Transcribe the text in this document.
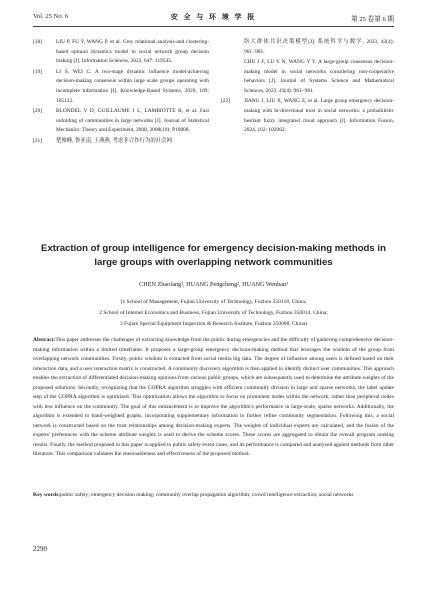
Vol. 25 No. 6	安 全 与 环 境 学 报	第 25 卷第 6 期
[18]	LIU P, FU Y, WANG P, et al. Grey relational analysis-and clustering-based opinion dynamics model in social network group decision making [J]. Information Sciences, 2023, 647: 119545.
[19]	LI S, WEI C. A two-stage dynamic influence model-achieving decision-making consensus within large scale groups operating with incomplete information [J]. Knowledge-Based Systems, 2020, 189: 105132.
[20]	BLONDEL V D, GUILLAUME J L, LAMBIOTTE R, et al. Fast unfolding of communities in large networks [J]. Journal of Statistical Mechanics: Theory and Experiment, 2008, 2008(10): P10008.
[21]	楚俊峰, 鲁亚南, 王燕燕. 考虑非合作行为的社会网
络大群体共识决策模型[J]. 系统科学与数学, 2023, 43(4): 961−981.
CHU J F, LU Y N, WANG Y Y. A large-group consensus decision-making model in social networks considering non-cooperative behaviors [J]. Journal of Systems Science and Mathematical Sciences, 2023, 43(4): 961−981.
[22]	JIANG J, LIU X, WANG Z, et al. Large group emergency decision-making with bi-directional trust in social networks: a probabilistic hesitant fuzzy integrated cloud approach [J]. Information Fusion, 2024, 102: 102062.
Extraction of group intelligence for emergency decision-making methods in large groups with overlapping network communities
CHEN Zhaofang¹, HUANG Pengcheng², HUANG Wenhan³
(1 School of Management, Fujian University of Technology, Fuzhou 350118, China;
2 School of Internet Economics and Business, Fujian University of Technology, Fuzhou 350014, China;
3 Fujian Special Equipment Inspection & Research Institute, Fuzhou 350008, China)
Abstract:This paper addresses the challenges of extracting knowledge from the public during emergencies and the difficulty of gathering comprehensive decision-making information within a limited timeframe. It proposes a large-group emergency decision-making method that leverages the wisdom of the group from overlapping network communities. Firstly, public wisdom is extracted from social media big data. The degree of influence among users is defined based on their interaction data, and a user interaction matrix is constructed. A community discovery algorithm is then applied to identify distinct user communities. This approach enables the extraction of differentiated decision-making opinions from various public groups, which are subsequently used to determine the attribute weights of the proposed solutions. Secondly, recognizing that the COPRA algorithm struggles with efficient community division in large and sparse networks, the label update step of the COPRA algorithm is optimized. This optimization allows the algorithm to focus on prominent nodes within the network, rather than peripheral nodes with less influence on the community. The goal of this enhancement is to improve the algorithm's performance in large-scale, sparse networks. Additionally, the algorithm is extended to band-weighted graphs, incorporating supplementary information to further refine community segmentation. Following this, a social network is constructed based on the trust relationships among decision-making experts. The weights of individual experts are calculated, and the fusion of the experts' preferences with the scheme attribute weights is used to derive the scheme scores. These scores are aggregated to obtain the overall program ranking results. Finally, the method proposed in this paper is applied to public safety event cases, and its performance is compared and analyzed against methods from other literature. This comparison validates the reasonableness and effectiveness of the proposed method.
Key words:public safety; emergency decision making; community overlap propagation algorithm; crowd intelligence extraction; social networks
2290
